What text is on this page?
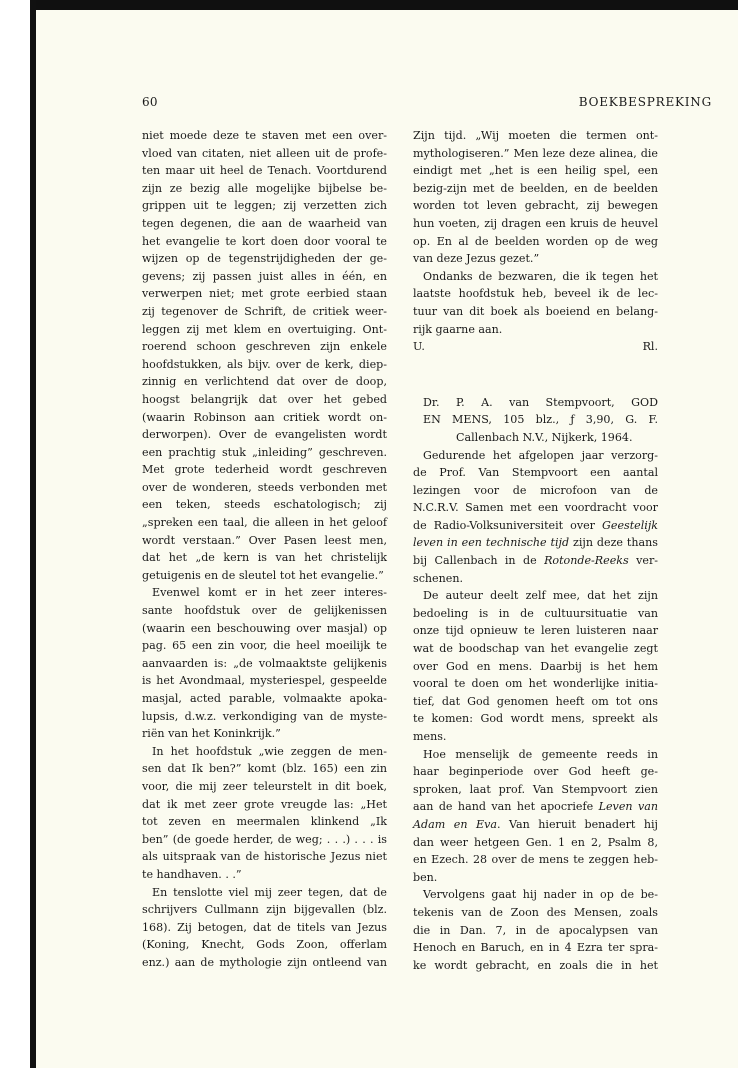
60	BOEKBESPREKING

niet moede deze te staven met een over-

vloed van citaten, niet alleen uit de profe-

ten maar uit heel de Tenach. Voortdurend

zijn ze bezig alle mogelijke bijbelse be-

grippen uit te leggen; zij verzetten zich

tegen degenen, die aan de waarheid van

het evangelie te kort doen door vooral te

wijzen op de tegenstrijdigheden der ge-

gevens; zij passen juist alles in één, en

verwerpen niet; met grote eerbied staan

zij tegenover de Schrift, de critiek weer-

leggen zij met klem en overtuiging. Ont-

roerend schoon geschreven zijn enkele

hoofdstukken, als bijv. over de kerk, diep-

zinnig en verlichtend dat over de doop,

hoogst belangrijk dat over het gebed

(waarin Robinson aan critiek wordt on-

derworpen). Over de evangelisten wordt

een prachtig stuk „inleiding” geschreven.

Met grote tederheid wordt geschreven

over de wonderen, steeds verbonden met

een teken, steeds eschatologisch; zij

„spreken een taal, die alleen in het geloof

wordt verstaan.” Over Pasen leest men,

dat het „de kern is van het christelijk

getuigenis en de sleutel tot het evangelie.”

Evenwel komt er in het zeer interes-

sante hoofdstuk over de gelijkenissen

(waarin een beschouwing over masjal) op

pag. 65 een zin voor, die heel moeilijk te

aanvaarden is: „de volmaaktste gelijkenis

is het Avondmaal, mysteriespel, gespeelde

masjal, acted parable, volmaakte apoka-

lupsis, d.w.z. verkondiging van de myste-

riën van het Koninkrijk.”

In het hoofdstuk „wie zeggen de men-

sen dat Ik ben?” komt (blz. 165) een zin

voor, die mij zeer teleurstelt in dit boek,

dat ik met zeer grote vreugde las: „Het

tot zeven en meermalen klinkend „Ik

ben” (de goede herder, de weg; . . .) . . . is

als uitspraak van de historische Jezus niet

te handhaven. . .”

En tenslotte viel mij zeer tegen, dat de

schrijvers Cullmann zijn bijgevallen (blz.

168). Zij betogen, dat de titels van Jezus

(Koning, Knecht, Gods Zoon, offerlam

enz.) aan de mythologie zijn ontleend van

Zijn tijd. „Wij moeten die termen ont-

mythologiseren.” Men leze deze alinea, die

eindigt met „het is een heilig spel, een

bezig-zijn met de beelden, en de beelden

worden tot leven gebracht, zij bewegen

hun voeten, zij dragen een kruis de heuvel

op. En al de beelden worden op de weg

van deze Jezus gezet.”

Ondanks de bezwaren, die ik tegen het

laatste hoofdstuk heb, beveel ik de lec-

tuur van dit boek als boeiend en belang-

rijk gaarne aan.

U.	Rl.

Dr. P. A. van Stempvoort, GOD

EN MENS, 105 blz., ƒ 3,90, G. F.

Callenbach N.V., Nijkerk, 1964.

Gedurende het afgelopen jaar verzorg-

de Prof. Van Stempvoort een aantal

lezingen voor de microfoon van de

N.C.R.V. Samen met een voordracht voor

de Radio-Volksuniversiteit over Geestelijk

leven in een technische tijd zijn deze thans

bij Callenbach in de Rotonde-Reeks ver-

schenen.

De auteur deelt zelf mee, dat het zijn

bedoeling is in de cultuursituatie van

onze tijd opnieuw te leren luisteren naar

wat de boodschap van het evangelie zegt

over God en mens. Daarbij is het hem

vooral te doen om het wonderlijke initia-

tief, dat God genomen heeft om tot ons

te komen: God wordt mens, spreekt als

mens.

Hoe menselijk de gemeente reeds in

haar beginperiode over God heeft ge-

sproken, laat prof. Van Stempvoort zien

aan de hand van het apocriefe Leven van

Adam en Eva. Van hieruit benadert hij

dan weer hetgeen Gen. 1 en 2, Psalm 8,

en Ezech. 28 over de mens te zeggen heb-

ben.

Vervolgens gaat hij nader in op de be-

tekenis van de Zoon des Mensen, zoals

die in Dan. 7, in de apocalypsen van

Henoch en Baruch, en in 4 Ezra ter spra-

ke wordt gebracht, en zoals die in het
